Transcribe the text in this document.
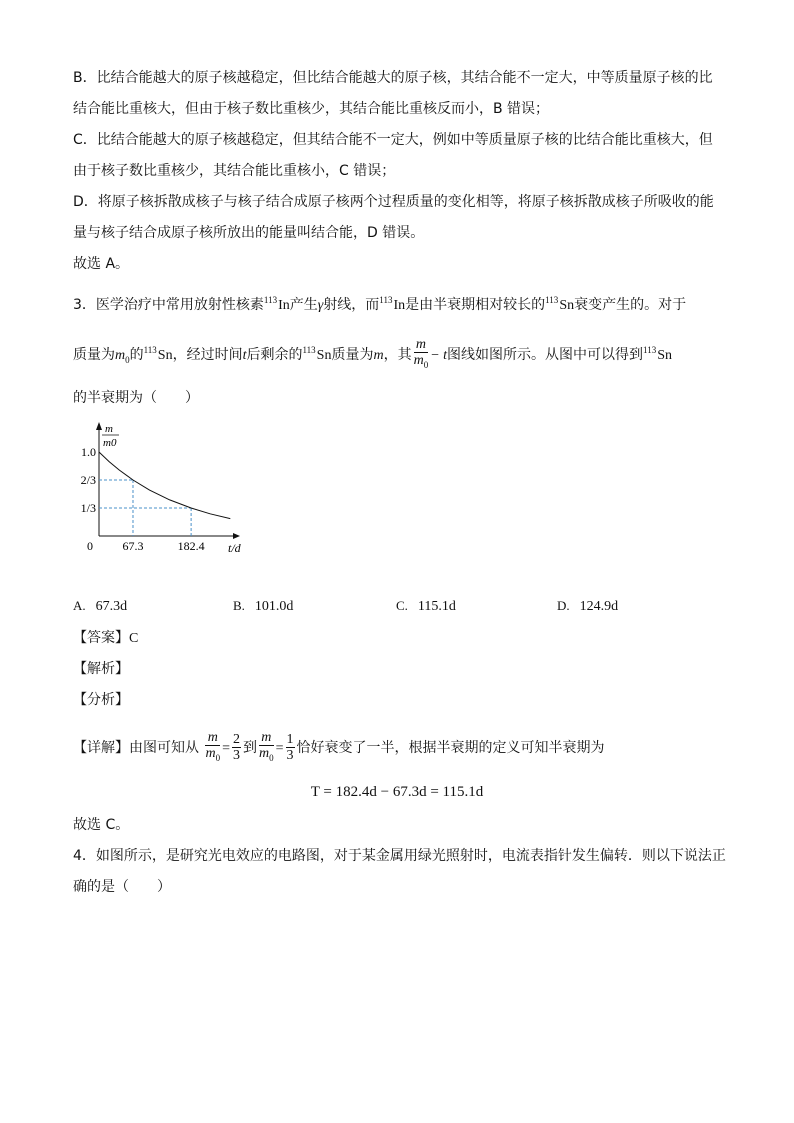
B．比结合能越大的原子核越稳定，但比结合能越大的原子核，其结合能不一定大，中等质量原子核的比
结合能比重核大，但由于核子数比重核少，其结合能比重核反而小，B 错误；
C．比结合能越大的原子核越稳定，但其结合能不一定大，例如中等质量原子核的比结合能比重核大，但
由于核子数比重核少，其结合能比重核小，C 错误；
D．将原子核拆散成核子与核子结合成原子核两个过程质量的变化相等，将原子核拆散成核子所吸收的能
量与核子结合成原子核所放出的能量叫结合能，D 错误。
故选 A。
3．医学治疗中常用放射性核素$^{113}$In产生γ射线，而$^{113}$In是由半衰期相对较长的$^{113}$Sn衰变产生的。对于
质量为$m_0$的$^{113}$Sn，经过时间t后剩余的$^{113}$Sn质量为m，其 $\frac{m}{m_0} - t$图线如图所示。从图中可以得到$^{113}$Sn
的半衰期为（　　）
m
m0
1.0
2/3
1/3
67.3	182.4
0	t/d
A. 67.3d	B. 101.0d	C. 115.1d	D. 124.9d
【答案】C
【解析】
【分析】
【详解】由图可知从 $\frac{m}{m_0} = \frac{2}{3}$ 到 $\frac{m}{m_0} = \frac{1}{3}$ 恰好衰变了一半，根据半衰期的定义可知半衰期为
T = 182.4d − 67.3d = 115.1d
故选 C。
4．如图所示，是研究光电效应的电路图，对于某金属用绿光照射时，电流表指针发生偏转．则以下说法正
确的是（　　）
